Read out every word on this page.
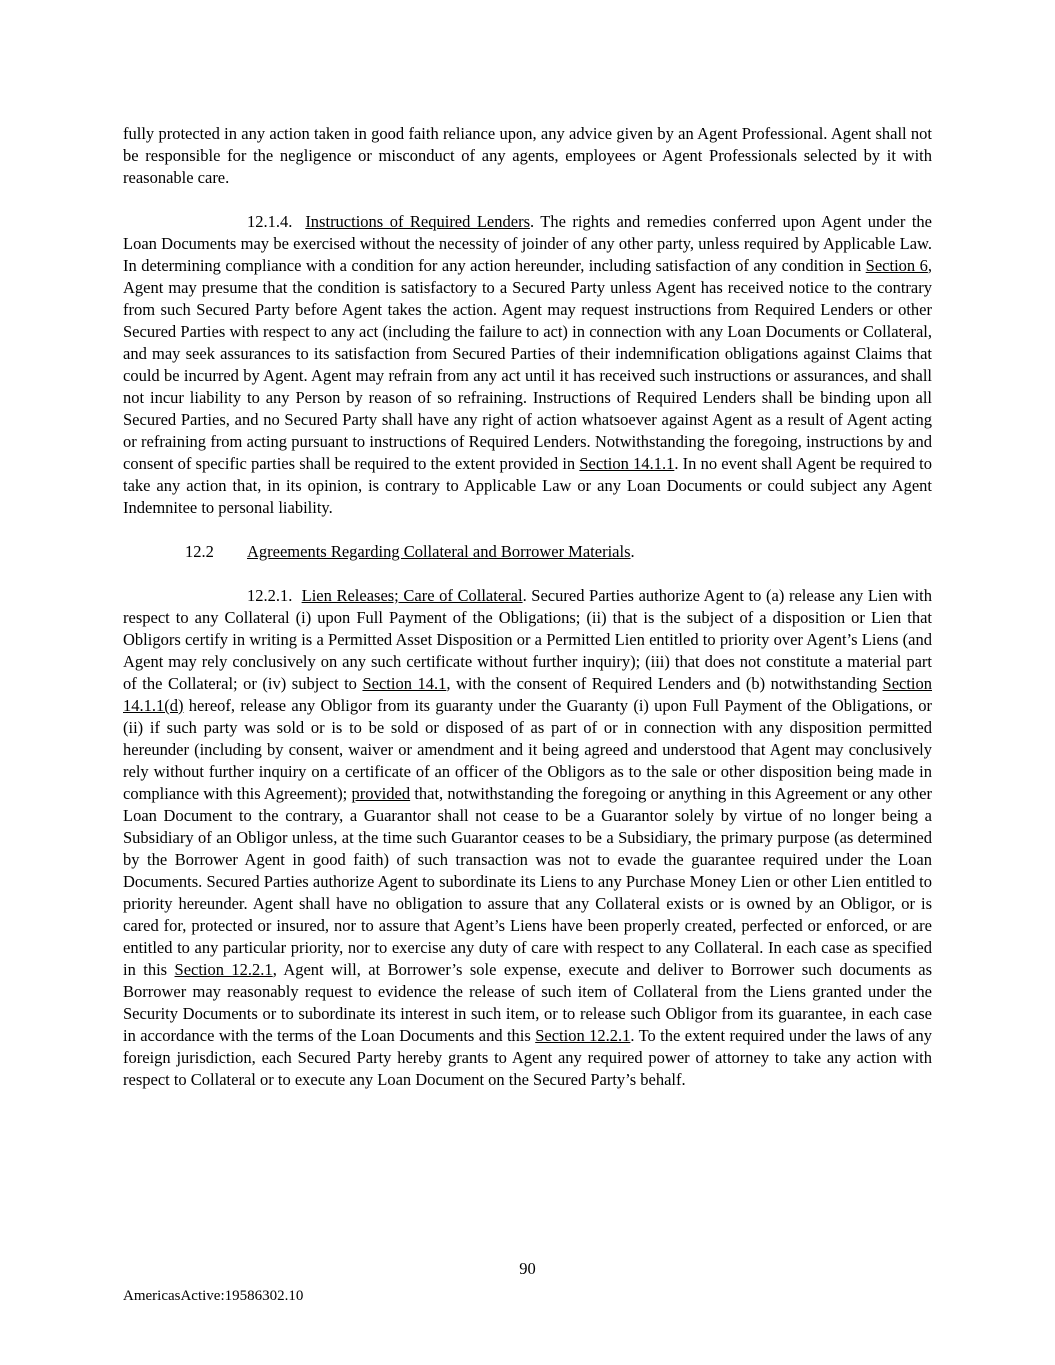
fully protected in any action taken in good faith reliance upon, any advice given by an Agent Professional. Agent shall not be responsible for the negligence or misconduct of any agents, employees or Agent Professionals selected by it with reasonable care.

12.1.4.  Instructions of Required Lenders. The rights and remedies conferred upon Agent under the Loan Documents may be exercised without the necessity of joinder of any other party, unless required by Applicable Law. In determining compliance with a condition for any action hereunder, including satisfaction of any condition in Section 6, Agent may presume that the condition is satisfactory to a Secured Party unless Agent has received notice to the contrary from such Secured Party before Agent takes the action. Agent may request instructions from Required Lenders or other Secured Parties with respect to any act (including the failure to act) in connection with any Loan Documents or Collateral, and may seek assurances to its satisfaction from Secured Parties of their indemnification obligations against Claims that could be incurred by Agent. Agent may refrain from any act until it has received such instructions or assurances, and shall not incur liability to any Person by reason of so refraining. Instructions of Required Lenders shall be binding upon all Secured Parties, and no Secured Party shall have any right of action whatsoever against Agent as a result of Agent acting or refraining from acting pursuant to instructions of Required Lenders. Notwithstanding the foregoing, instructions by and consent of specific parties shall be required to the extent provided in Section 14.1.1. In no event shall Agent be required to take any action that, in its opinion, is contrary to Applicable Law or any Loan Documents or could subject any Agent Indemnitee to personal liability.

12.2 Agreements Regarding Collateral and Borrower Materials.

12.2.1.  Lien Releases; Care of Collateral. Secured Parties authorize Agent to (a) release any Lien with respect to any Collateral (i) upon Full Payment of the Obligations; (ii) that is the subject of a disposition or Lien that Obligors certify in writing is a Permitted Asset Disposition or a Permitted Lien entitled to priority over Agent’s Liens (and Agent may rely conclusively on any such certificate without further inquiry); (iii) that does not constitute a material part of the Collateral; or (iv) subject to Section 14.1, with the consent of Required Lenders and (b) notwithstanding Section 14.1.1(d) hereof, release any Obligor from its guaranty under the Guaranty (i) upon Full Payment of the Obligations, or (ii) if such party was sold or is to be sold or disposed of as part of or in connection with any disposition permitted hereunder (including by consent, waiver or amendment and it being agreed and understood that Agent may conclusively rely without further inquiry on a certificate of an officer of the Obligors as to the sale or other disposition being made in compliance with this Agreement); provided that, notwithstanding the foregoing or anything in this Agreement or any other Loan Document to the contrary, a Guarantor shall not cease to be a Guarantor solely by virtue of no longer being a Subsidiary of an Obligor unless, at the time such Guarantor ceases to be a Subsidiary, the primary purpose (as determined by the Borrower Agent in good faith) of such transaction was not to evade the guarantee required under the Loan Documents. Secured Parties authorize Agent to subordinate its Liens to any Purchase Money Lien or other Lien entitled to priority hereunder. Agent shall have no obligation to assure that any Collateral exists or is owned by an Obligor, or is cared for, protected or insured, nor to assure that Agent’s Liens have been properly created, perfected or enforced, or are entitled to any particular priority, nor to exercise any duty of care with respect to any Collateral. In each case as specified in this Section 12.2.1, Agent will, at Borrower’s sole expense, execute and deliver to Borrower such documents as Borrower may reasonably request to evidence the release of such item of Collateral from the Liens granted under the Security Documents or to subordinate its interest in such item, or to release such Obligor from its guarantee, in each case in accordance with the terms of the Loan Documents and this Section 12.2.1. To the extent required under the laws of any foreign jurisdiction, each Secured Party hereby grants to Agent any required power of attorney to take any action with respect to Collateral or to execute any Loan Document on the Secured Party’s behalf.

90
AmericasActive:19586302.10
